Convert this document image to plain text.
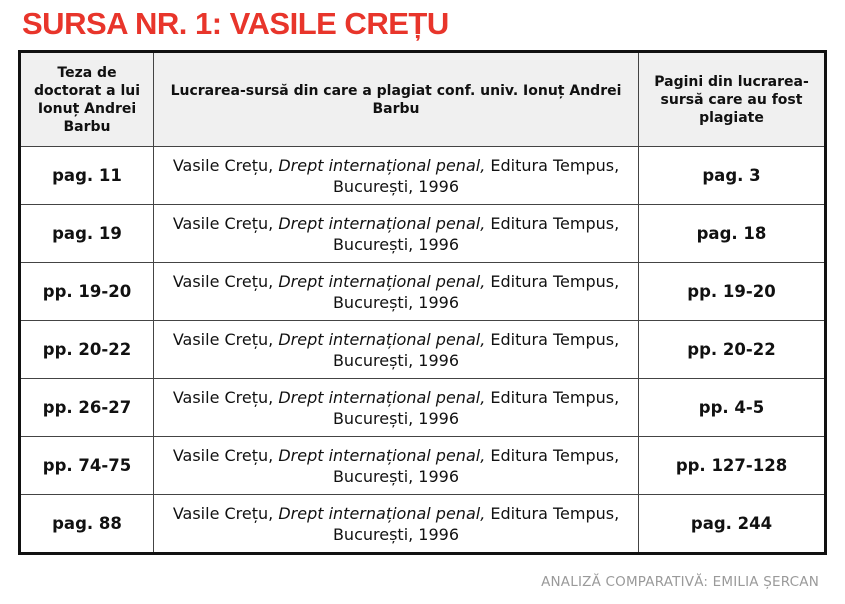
SURSA NR. 1: VASILE CREȚU
Teza de doctorat a lui Ionuț Andrei Barbu	Lucrarea-sursă din care a plagiat conf. univ. Ionuț Andrei Barbu	Pagini din lucrarea-sursă care au fost plagiate
pag. 11	Vasile Crețu, Drept internațional penal, Editura Tempus, București, 1996	pag. 3
pag. 19	Vasile Crețu, Drept internațional penal, Editura Tempus, București, 1996	pag. 18
pp. 19-20	Vasile Crețu, Drept internațional penal, Editura Tempus, București, 1996	pp. 19-20
pp. 20-22	Vasile Crețu, Drept internațional penal, Editura Tempus, București, 1996	pp. 20-22
pp. 26-27	Vasile Crețu, Drept internațional penal, Editura Tempus, București, 1996	pp. 4-5
pp. 74-75	Vasile Crețu, Drept internațional penal, Editura Tempus, București, 1996	pp. 127-128
pag. 88	Vasile Crețu, Drept internațional penal, Editura Tempus, București, 1996	pag. 244
ANALIZĂ COMPARATIVĂ: EMILIA ȘERCAN
